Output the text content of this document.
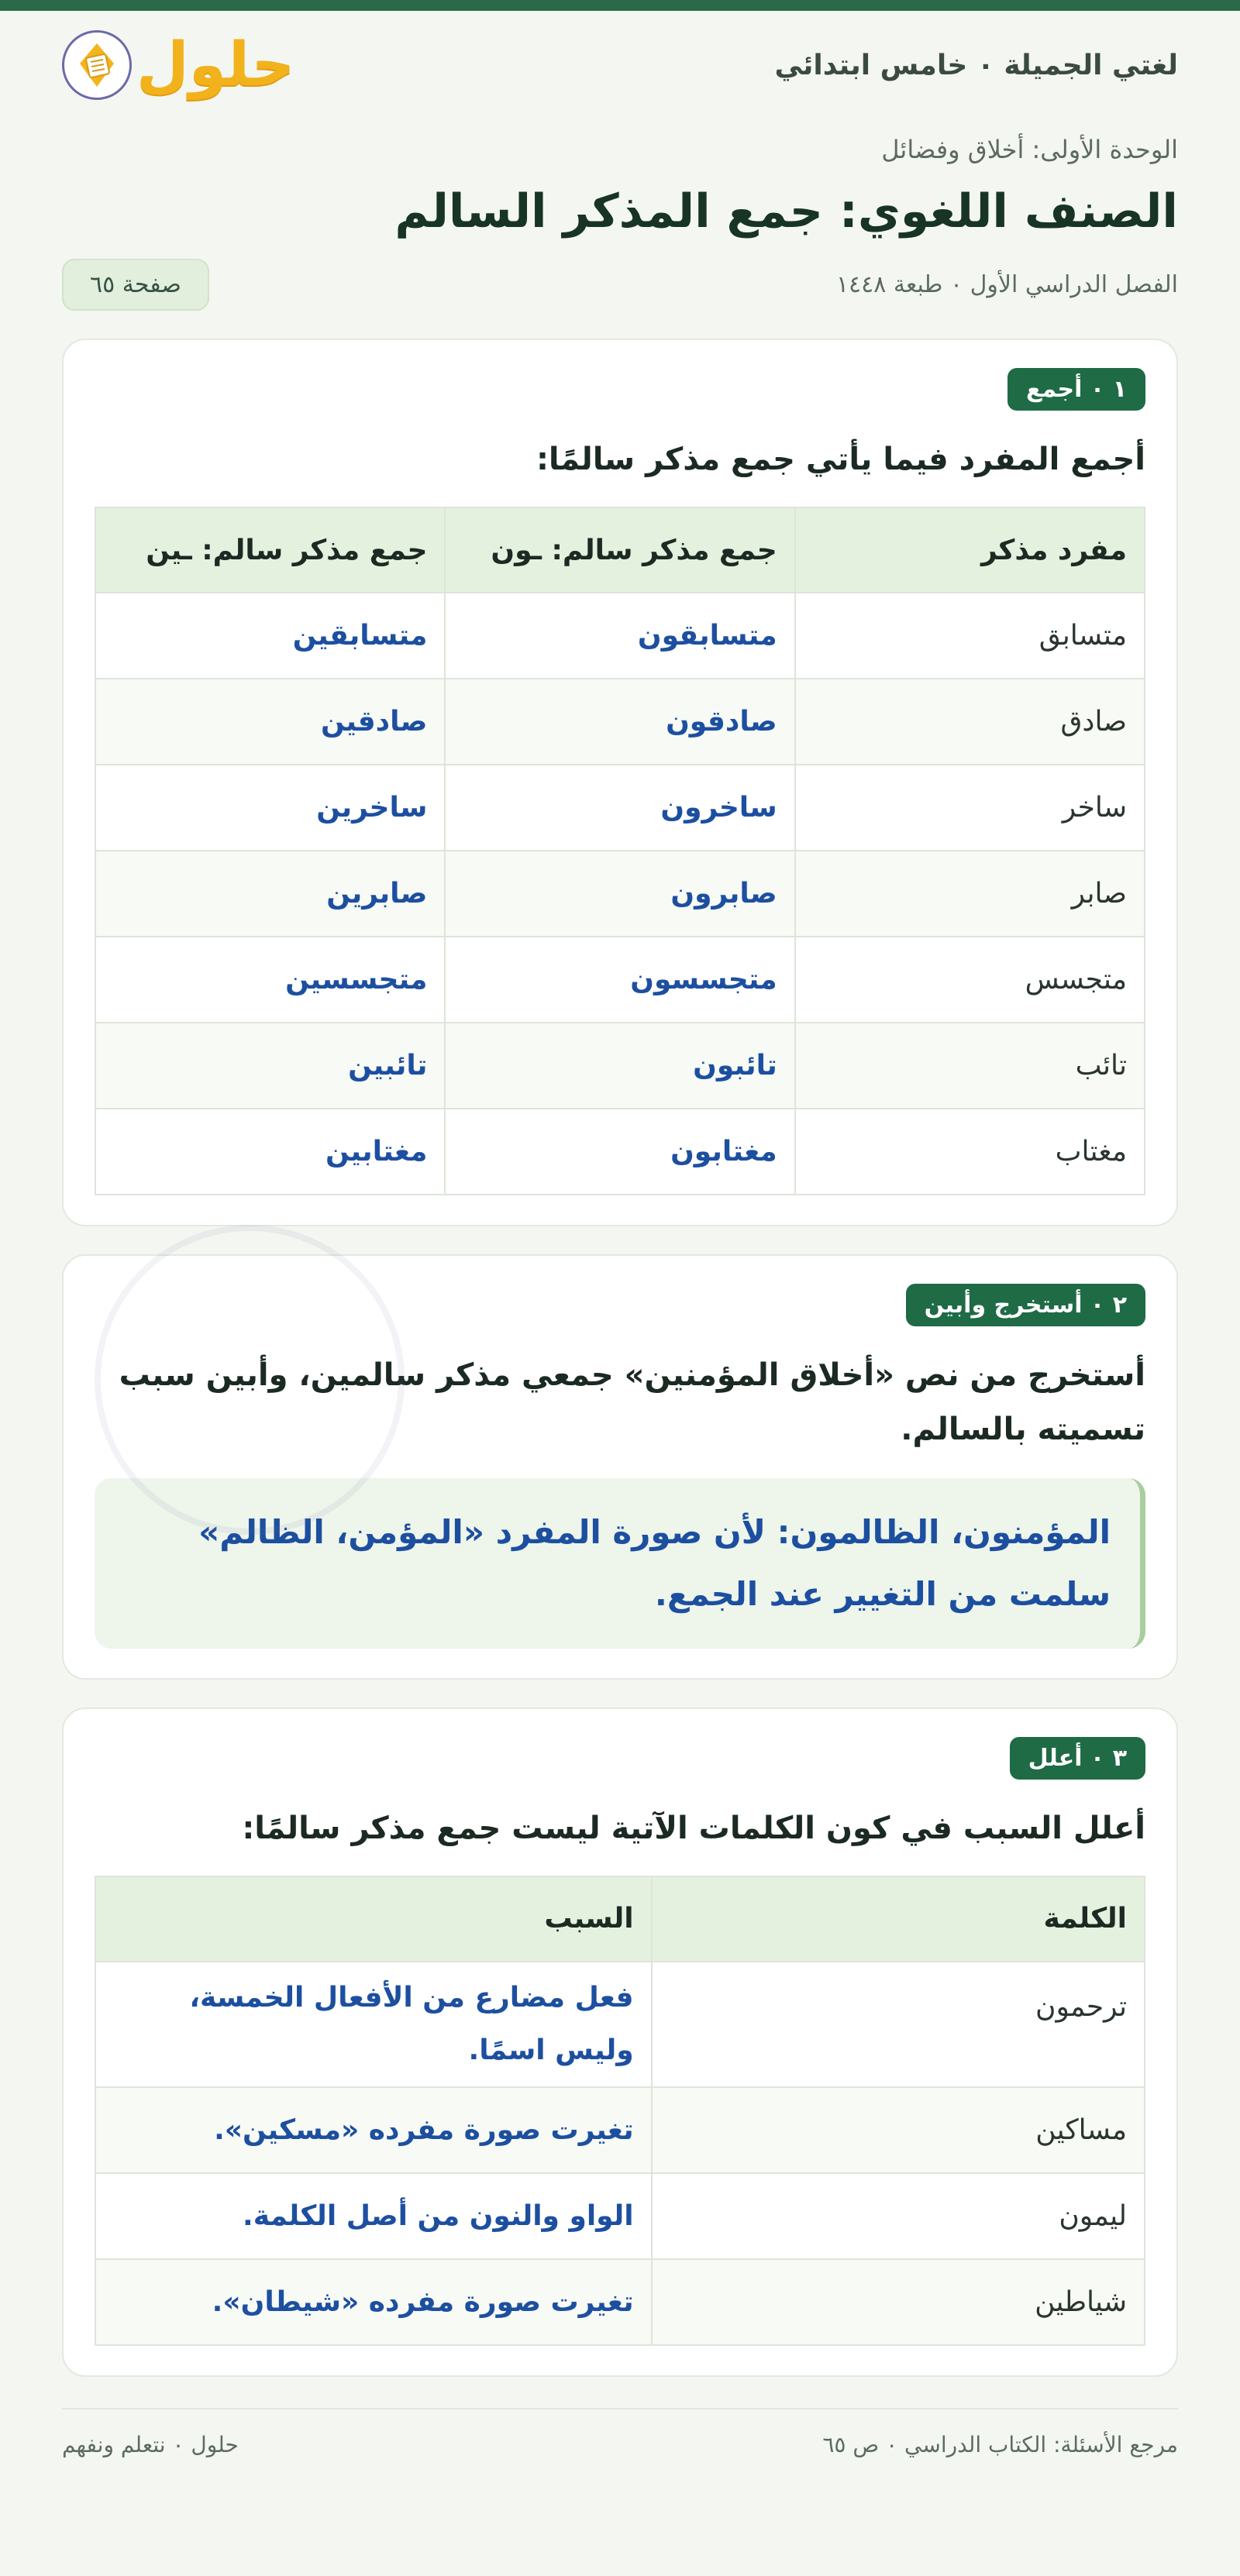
لغتي الجميلة ٠ خامس ابتدائي
حلول
الوحدة الأولى: أخلاق وفضائل
الصنف اللغوي: جمع المذكر السالم
الفصل الدراسي الأول ٠ طبعة ١٤٤٨
صفحة ٦٥
١ ٠ أجمع
أجمع المفرد فيما يأتي جمع مذكر سالمًا:
مفرد مذكر	جمع مذكر سالم: ـون	جمع مذكر سالم: ـين
متسابق	متسابقون	متسابقين
صادق	صادقون	صادقين
ساخر	ساخرون	ساخرين
صابر	صابرون	صابرين
متجسس	متجسسون	متجسسين
تائب	تائبون	تائبين
مغتاب	مغتابون	مغتابين
٢ ٠ أستخرج وأبين
أستخرج من نص «أخلاق المؤمنين» جمعي مذكر سالمين، وأبين سبب تسميته بالسالم.
المؤمنون، الظالمون: لأن صورة المفرد «المؤمن، الظالم» سلمت من التغيير عند الجمع.
٣ ٠ أعلل
أعلل السبب في كون الكلمات الآتية ليست جمع مذكر سالمًا:
الكلمة	السبب
ترحمون	فعل مضارع من الأفعال الخمسة، وليس اسمًا.
مساكين	تغيرت صورة مفرده «مسكين».
ليمون	الواو والنون من أصل الكلمة.
شياطين	تغيرت صورة مفرده «شيطان».
مرجع الأسئلة: الكتاب الدراسي ٠ ص ٦٥
حلول ٠ نتعلم ونفهم
